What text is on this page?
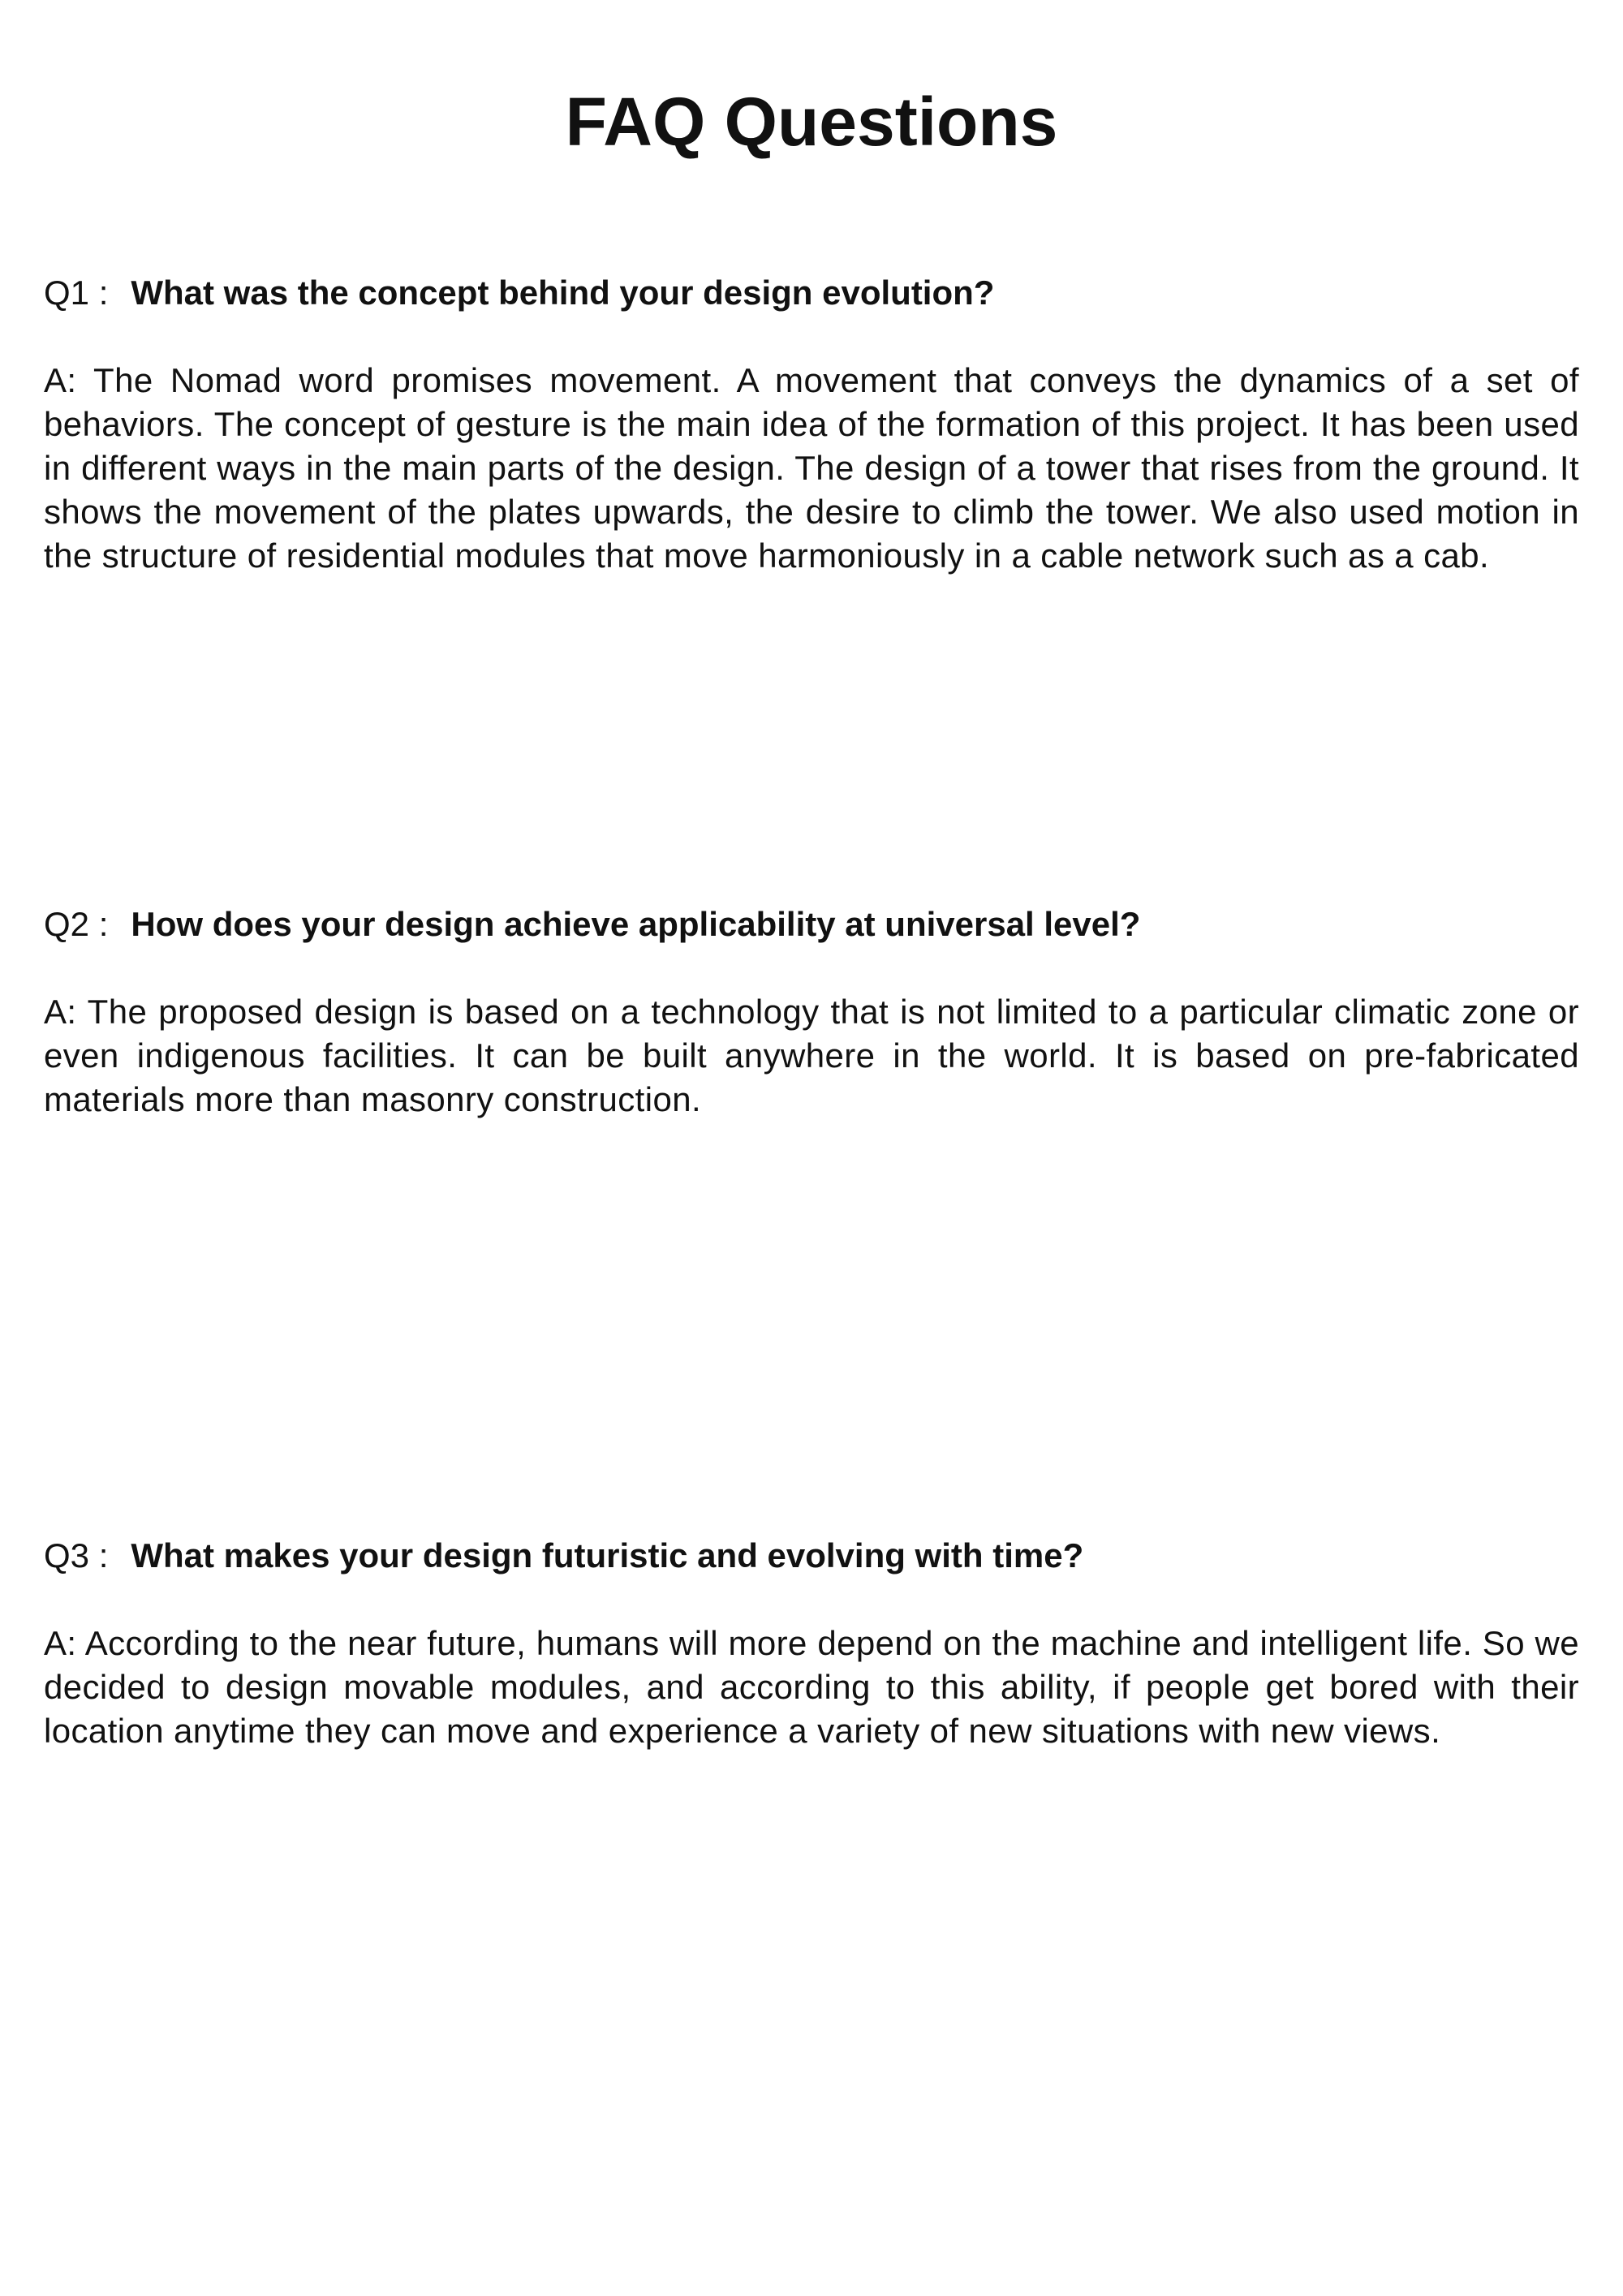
FAQ Questions

Q1 : What was the concept behind your design evolution?

A: The Nomad word promises movement. A movement that conveys the dynamics of a set of behaviors. The concept of gesture is the main idea of the formation of this project. It has been used in different ways in the main parts of the design. The design of a tower that rises from the ground. It shows the movement of the plates upwards, the desire to climb the tower. We also used motion in the structure of residential modules that move harmoniously in a cable network such as a cab.

Q2 : How does your design achieve applicability at universal level?

A: The proposed design is based on a technology that is not limited to a particular climatic zone or even indigenous facilities. It can be built anywhere in the world. It is based on pre-fabricated materials more than masonry construction.

Q3 : What makes your design futuristic and evolving with time?

A: According to the near future, humans will more depend on the machine and intelligent life. So we decided to design movable modules, and according to this ability, if people get bored with their location anytime they can move and experience a variety of new situations with new views.
